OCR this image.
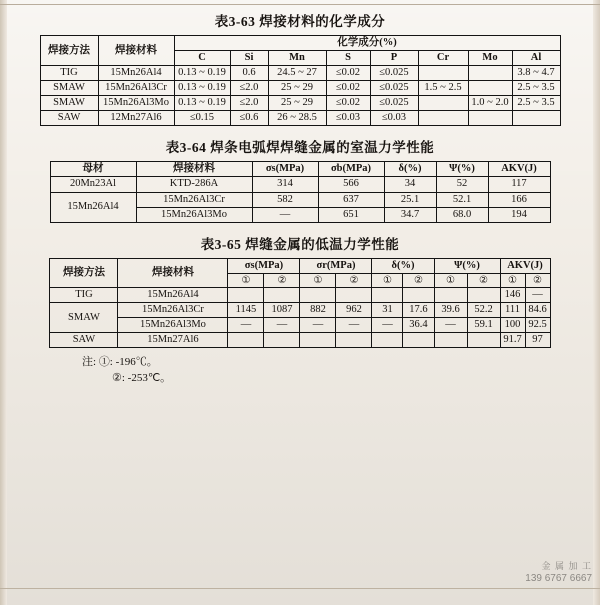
表3-63 焊接材料的化学成分
焊接方法	焊接材料	化学成分(%)							
		C	Si	Mn	S	P	Cr	Mo	Al
TIG	15Mn26Al4	0.13 ~ 0.19	0.6	24.5 ~ 27	≤0.02	≤0.025			3.8 ~ 4.7
SMAW	15Mn26Al3Cr	0.13 ~ 0.19	≤2.0	25 ~ 29	≤0.02	≤0.025	1.5 ~ 2.5		2.5 ~ 3.5
SMAW	15Mn26Al3Mo	0.13 ~ 0.19	≤2.0	25 ~ 29	≤0.02	≤0.025		1.0 ~ 2.0	2.5 ~ 3.5
SAW	12Mn27Al6	≤0.15	≤0.6	26 ~ 28.5	≤0.03	≤0.03			
表3-64 焊条电弧焊焊缝金属的室温力学性能
母材	焊接材料	σs(MPa)	σb(MPa)	δ(%)	Ψ(%)	AKV(J)
20Mn23Al	KTD-286A	314	566	34	52	117
15Mn26Al4	15Mn26Al3Cr	582	637	25.1	52.1	166
	15Mn26Al3Mo	—	651	34.7	68.0	194
表3-65 焊缝金属的低温力学性能
焊接方法	焊接材料	σs(MPa)		σr(MPa)		δ(%)		Ψ(%)		AKV(J)	
		①	②	①	②	①	②	①	②	①	②
TIG	15Mn26Al4									146	—
SMAW	15Mn26Al3Cr	1145	1087	882	962	31	17.6	39.6	52.2	111	84.6
	15Mn26Al3Mo	—	—	—	—	—	36.4	—	59.1	100	92.5
SAW	15Mn27Al6									91.7	97
注: ①: -196℃。
②: -253℃。
金 属 加 工
139 6767 6667
